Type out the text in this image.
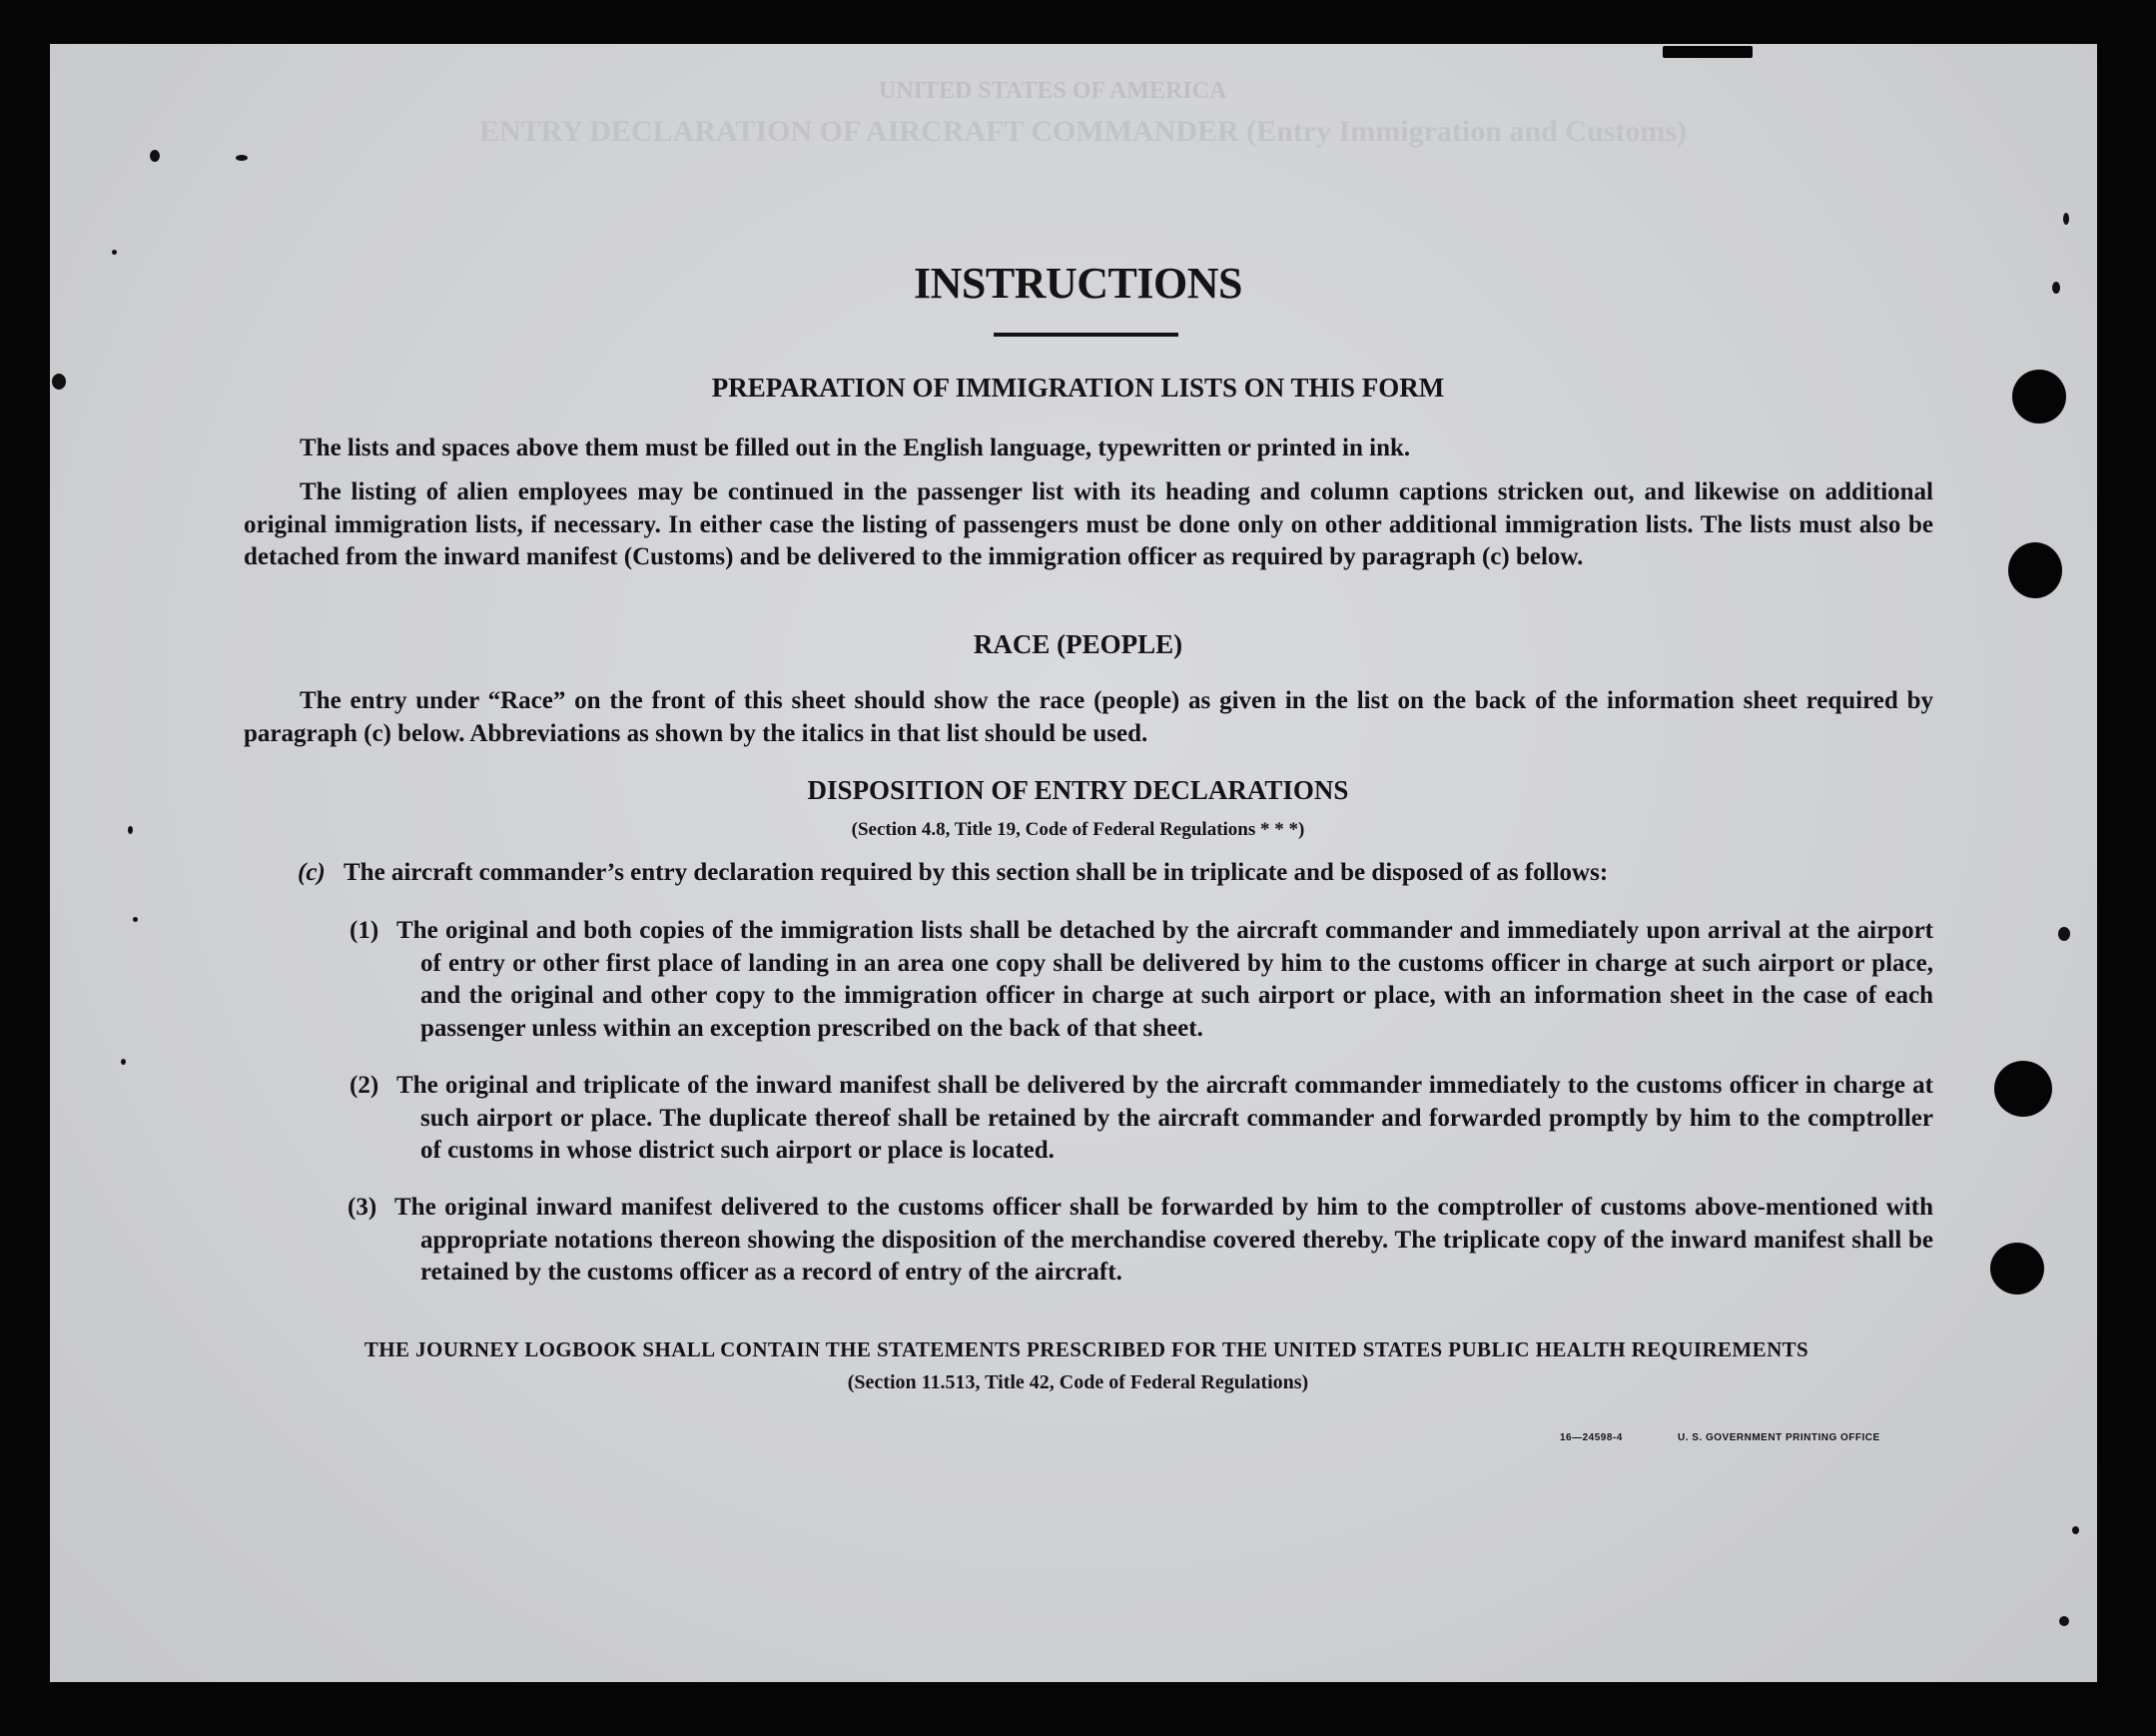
UNITED STATES OF AMERICA
ENTRY DECLARATION OF AIRCRAFT COMMANDER (Entry Immigration and Customs)
INSTRUCTIONS
PREPARATION OF IMMIGRATION LISTS ON THIS FORM
The lists and spaces above them must be filled out in the English language, typewritten or printed in ink.
The listing of alien employees may be continued in the passenger list with its heading and column captions stricken out, and likewise on additional original immigration lists, if necessary. In either case the listing of passengers must be done only on other additional immigration lists. The lists must also be detached from the inward manifest (Customs) and be delivered to the immigration officer as required by paragraph (c) below.
RACE (PEOPLE)
The entry under “Race” on the front of this sheet should show the race (people) as given in the list on the back of the information sheet required by paragraph (c) below. Abbreviations as shown by the italics in that list should be used.
DISPOSITION OF ENTRY DECLARATIONS
(Section 4.8, Title 19, Code of Federal Regulations * * *)
(c) The aircraft commander’s entry declaration required by this section shall be in triplicate and be disposed of as follows:
(1) The original and both copies of the immigration lists shall be detached by the aircraft commander and immediately upon arrival at the airport of entry or other first place of landing in an area one copy shall be delivered by him to the customs officer in charge at such airport or place, and the original and other copy to the immigration officer in charge at such airport or place, with an information sheet in the case of each passenger unless within an exception prescribed on the back of that sheet.
(2) The original and triplicate of the inward manifest shall be delivered by the aircraft commander immediately to the customs officer in charge at such airport or place. The duplicate thereof shall be retained by the aircraft commander and forwarded promptly by him to the comptroller of customs in whose district such airport or place is located.
(3) The original inward manifest delivered to the customs officer shall be forwarded by him to the comptroller of customs above-mentioned with appropriate notations thereon showing the disposition of the merchandise covered thereby. The triplicate copy of the inward manifest shall be retained by the customs officer as a record of entry of the aircraft.
THE JOURNEY LOGBOOK SHALL CONTAIN THE STATEMENTS PRESCRIBED FOR THE UNITED STATES PUBLIC HEALTH REQUIREMENTS
(Section 11.513, Title 42, Code of Federal Regulations)
16—24598-4	U. S. GOVERNMENT PRINTING OFFICE
